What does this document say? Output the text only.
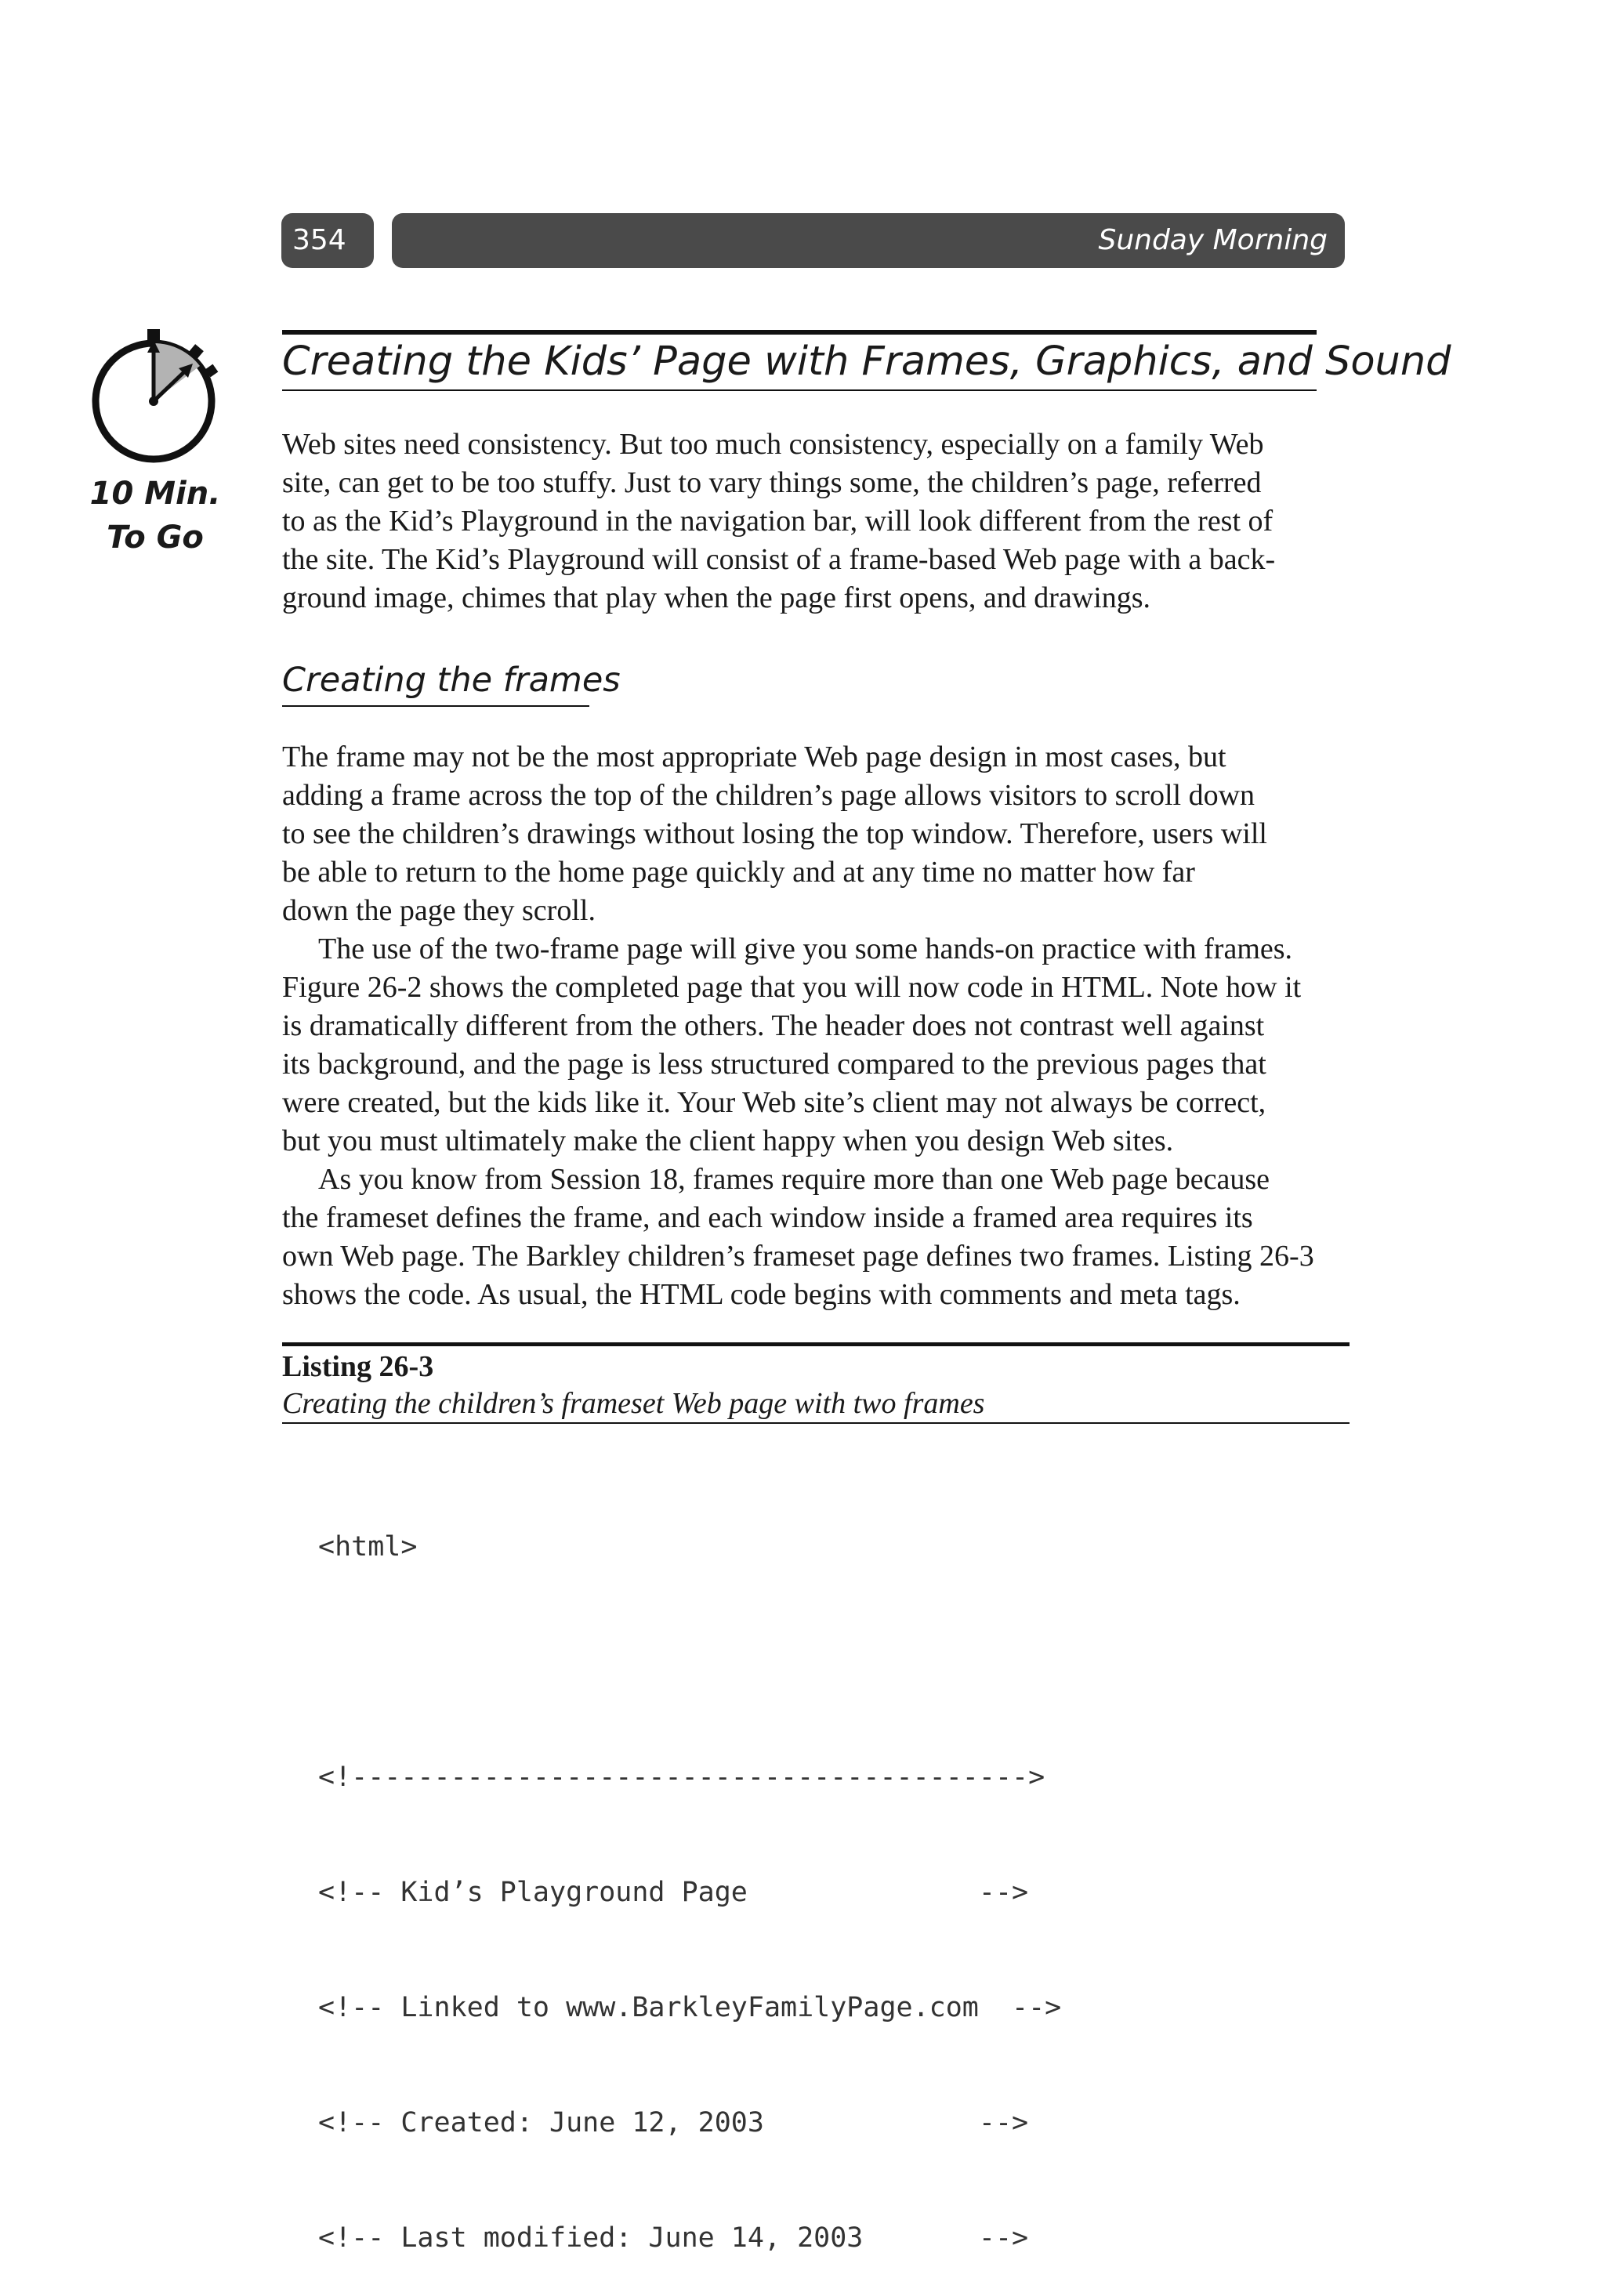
354	Sunday Morning
10 Min.
To Go
Creating the Kids’ Page with Frames, Graphics, and Sound
Web sites need consistency. But too much consistency, especially on a family Web
site, can get to be too stuffy. Just to vary things some, the children’s page, referred
to as the Kid’s Playground in the navigation bar, will look different from the rest of
the site. The Kid’s Playground will consist of a frame-based Web page with a back-
ground image, chimes that play when the page first opens, and drawings.
Creating the frames
The frame may not be the most appropriate Web page design in most cases, but
adding a frame across the top of the children’s page allows visitors to scroll down
to see the children’s drawings without losing the top window. Therefore, users will
be able to return to the home page quickly and at any time no matter how far
down the page they scroll.
The use of the two-frame page will give you some hands-on practice with frames.
Figure 26-2 shows the completed page that you will now code in HTML. Note how it
is dramatically different from the others. The header does not contrast well against
its background, and the page is less structured compared to the previous pages that
were created, but the kids like it. Your Web site’s client may not always be correct,
but you must ultimately make the client happy when you design Web sites.
As you know from Session 18, frames require more than one Web page because
the frameset defines the frame, and each window inside a framed area requires its
own Web page. The Barkley children’s frameset page defines two frames. Listing 26-3
shows the code. As usual, the HTML code begins with comments and meta tags.
Listing 26-3
Creating the children’s frameset Web page with two frames

<html>

<!----------------------------------------->

<!-- Kid’s Playground Page              -->

<!-- Linked to www.BarkleyFamilyPage.com  -->

<!-- Created: June 12, 2003             -->

<!-- Last modified: June 14, 2003       -->
